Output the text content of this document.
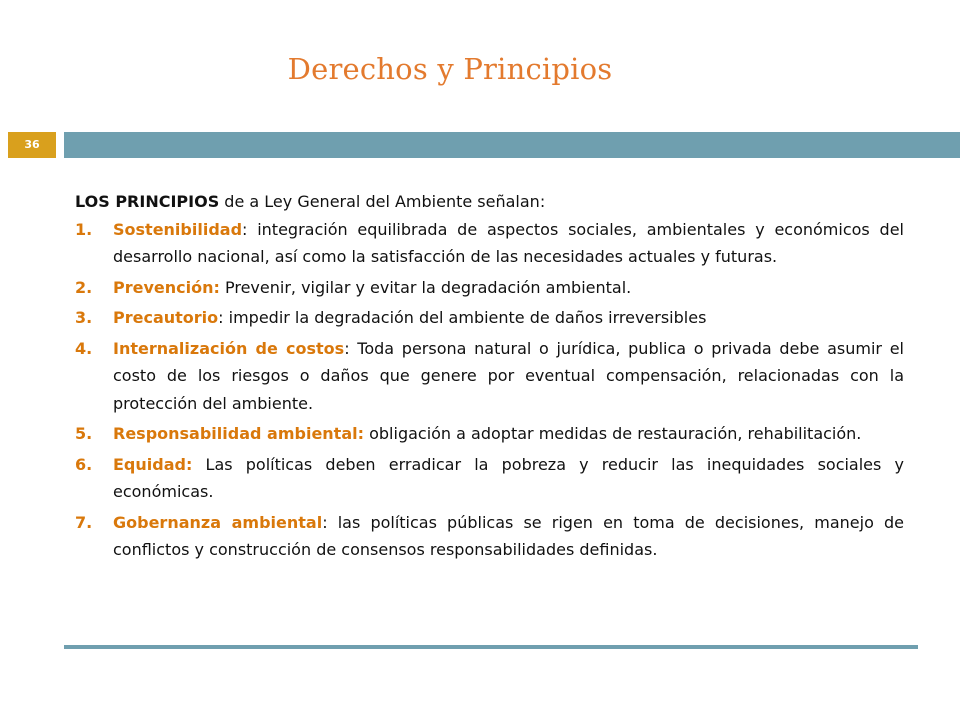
Derechos y Principios
36

LOS PRINCIPIOS de a Ley General del Ambiente señalan:

1. Sostenibilidad: integración equilibrada de aspectos sociales, ambientales y económicos del desarrollo nacional, así como la satisfacción de las necesidades actuales y futuras.
2. Prevención: Prevenir, vigilar y evitar la degradación ambiental.
3. Precautorio: impedir la degradación del ambiente de daños irreversibles
4. Internalización de costos: Toda persona natural o jurídica, publica o privada debe asumir el costo de los riesgos o daños que genere por eventual compensación, relacionadas con la protección del ambiente.
5. Responsabilidad ambiental: obligación a adoptar medidas de restauración, rehabilitación.
6. Equidad: Las políticas deben erradicar la pobreza y reducir las inequidades sociales y económicas.
7. Gobernanza ambiental: las políticas públicas se rigen en toma de decisiones, manejo de conflictos y construcción de consensos responsabilidades definidas.
